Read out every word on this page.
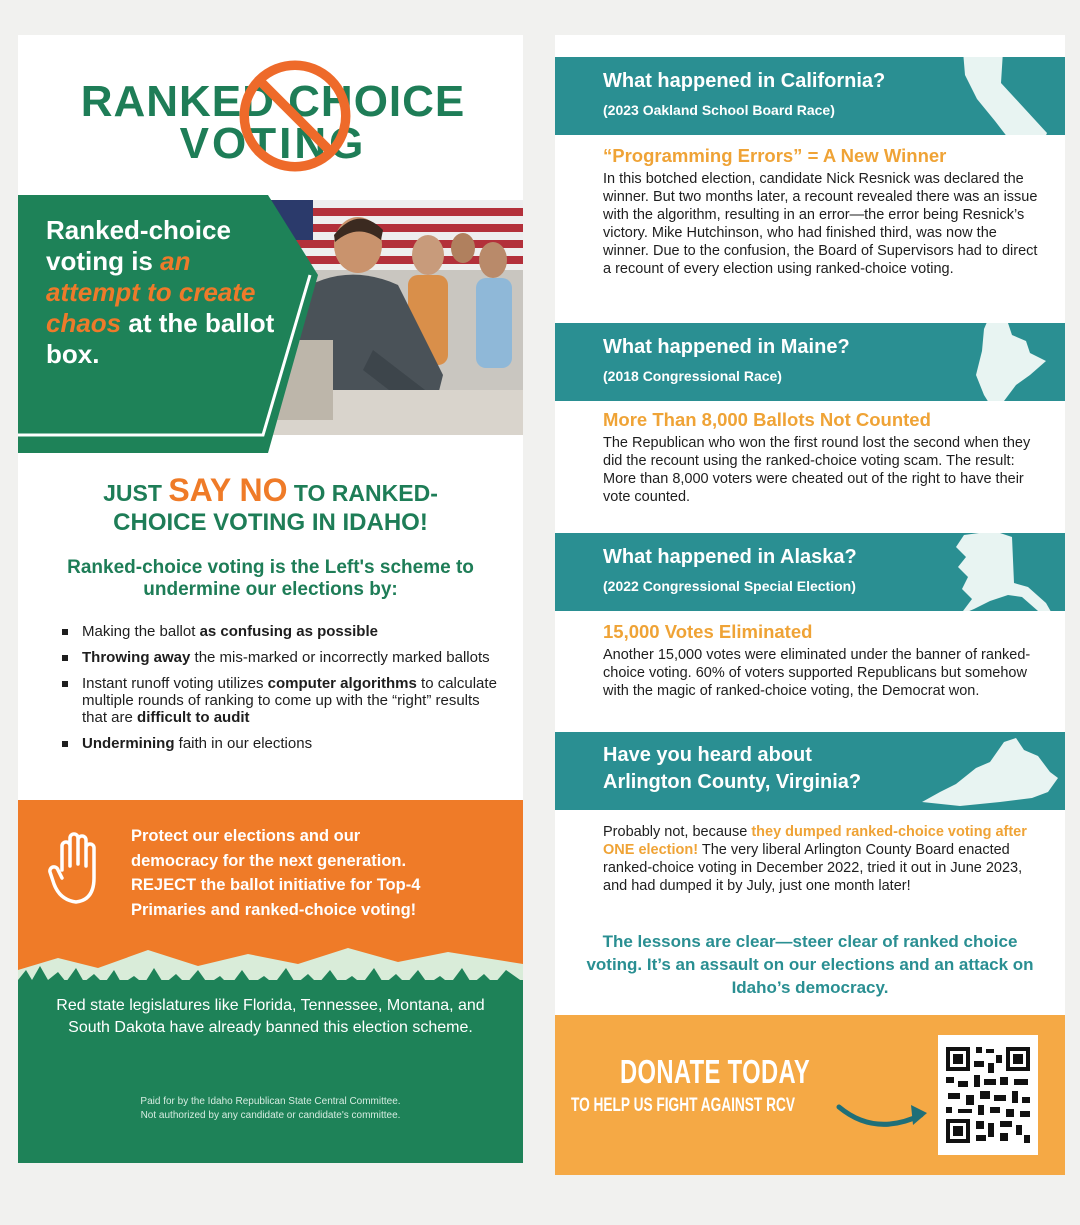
RANKED CHOICE
VOTING
Ranked-choice voting is an attempt to create chaos at the ballot box.
JUST SAY NO TO RANKED-
CHOICE VOTING IN IDAHO!
Ranked-choice voting is the Left's scheme to undermine our elections by:
Making the ballot as confusing as possible
Throwing away the mis-marked or incorrectly marked ballots
Instant runoff voting utilizes computer algorithms to calculate multiple rounds of ranking to come up with the “right” results that are difficult to audit
Undermining faith in our elections
Protect our elections and our
democracy for the next generation.
REJECT the ballot initiative for Top-4
Primaries and ranked-choice voting!
Red state legislatures like Florida, Tennessee, Montana, and South Dakota have already banned this election scheme.
Paid for by the Idaho Republican State Central Committee.
Not authorized by any candidate or candidate's committee.
What happened in California?
(2023 Oakland School Board Race)
“Programming Errors” = A New Winner

In this botched election, candidate Nick Resnick was declared the winner. But two months later, a recount revealed there was an issue with the algorithm, resulting in an error—the error being Resnick’s victory. Mike Hutchinson, who had finished third, was now the winner. Due to the confusion, the Board of Supervisors had to direct a recount of every election using ranked-choice voting.

What happened in Maine?
(2018 Congressional Race)
More Than 8,000 Ballots Not Counted

The Republican who won the first round lost the second when they did the recount using the ranked-choice voting scam. The result: More than 8,000 voters were cheated out of the right to have their vote counted.

What happened in Alaska?
(2022 Congressional Special Election)
15,000 Votes Eliminated

Another 15,000 votes were eliminated under the banner of ranked-choice voting. 60% of voters supported Republicans but somehow with the magic of ranked-choice voting, the Democrat won.

Have you heard about
Arlington County, Virginia?

Probably not, because they dumped ranked-choice voting after ONE election! The very liberal Arlington County Board enacted ranked-choice voting in December 2022, tried it out in June 2023, and had dumped it by July, just one month later!

The lessons are clear—steer clear of ranked choice voting. It’s an assault on our elections and an attack on Idaho’s democracy.
DONATE TODAY
TO HELP US FIGHT AGAINST RCV
